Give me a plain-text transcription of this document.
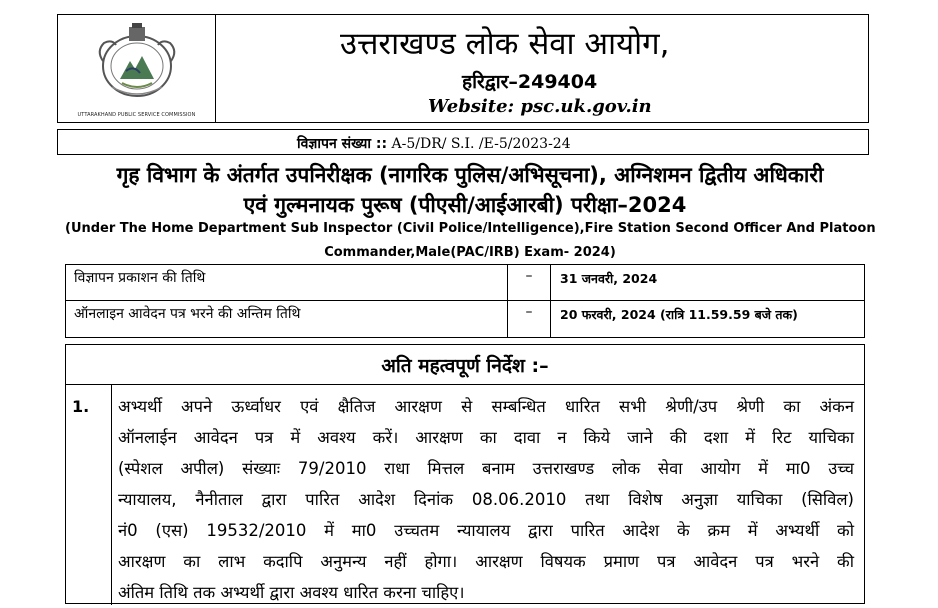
UTTARAKHAND PUBLIC SERVICE COMMISSION
उत्तराखण्ड लोक सेवा आयोग,
हरिद्वार–249404
Website: psc.uk.gov.in
विज्ञापन संख्या :: A-5/DR/ S.I. /E-5/2023-24
गृह विभाग के अंतर्गत उपनिरीक्षक (नागरिक पुलिस/अभिसूचना), अग्निशमन द्वितीय अधिकारी
एवं गुल्मनायक पुरूष (पीएसी/आईआरबी) परीक्षा–2024
(Under The Home Department Sub Inspector (Civil Police/Intelligence),Fire Station Second Officer And Platoon
Commander,Male(PAC/IRB) Exam- 2024)
विज्ञापन प्रकाशन की तिथि	–	31 जनवरी, 2024
ऑनलाइन आवेदन पत्र भरने की अन्तिम तिथि	–	20 फरवरी, 2024 (रात्रि 11.59.59 बजे तक)
अति महत्वपूर्ण निर्देश :–
1. अभ्यर्थी अपने ऊर्ध्वाधर एवं क्षैतिज आरक्षण से सम्बन्धित धारित सभी श्रेणी/उप श्रेणी का अंकन
ऑनलाईन आवेदन पत्र में अवश्य करें। आरक्षण का दावा न किये जाने की दशा में रिट याचिका
(स्पेशल अपील) संख्याः 79/2010 राधा मित्तल बनाम उत्तराखण्ड लोक सेवा आयोग में मा0 उच्च
न्यायालय, नैनीताल द्वारा पारित आदेश दिनांक 08.06.2010 तथा विशेष अनुज्ञा याचिका (सिविल)
नं0 (एस) 19532/2010 में मा0 उच्चतम न्यायालय द्वारा पारित आदेश के क्रम में अभ्यर्थी को
आरक्षण का लाभ कदापि अनुमन्य नहीं होगा। आरक्षण विषयक प्रमाण पत्र आवेदन पत्र भरने की
अंतिम तिथि तक अभ्यर्थी द्वारा अवश्य धारित करना चाहिए।
